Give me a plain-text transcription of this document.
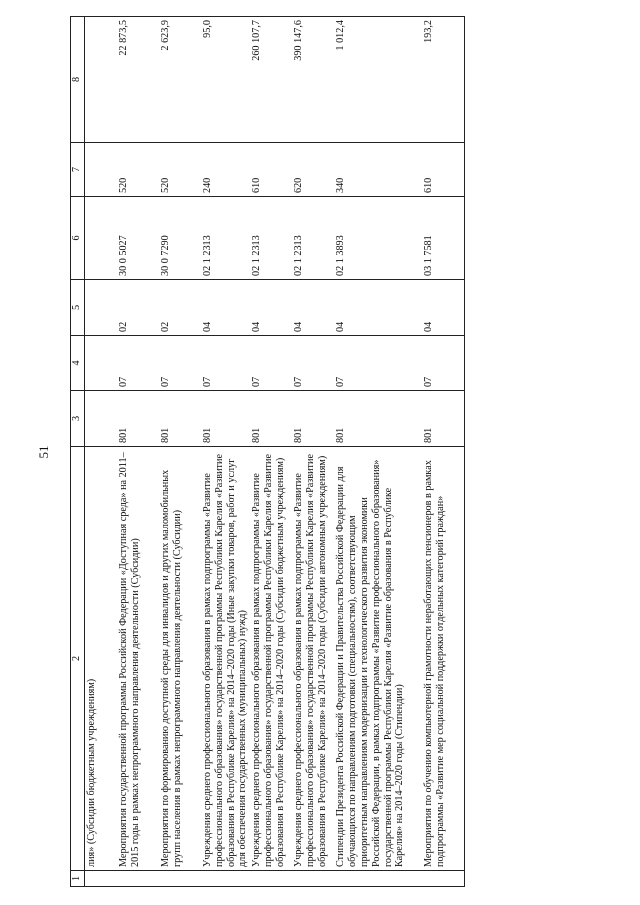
51
1	2	3	4	5	6	7	8
	лия» (Субсидии бюджетным учреждениям)						
	Мероприятия государственной программы Российской Федерации «Доступная среда» на 2011–2015 годы в рамках непрограммного направления деятельности (Субсидии)	801	07	02	30 0 5027	520	22 873,5
	Мероприятия по формированию доступной среды для инвалидов и других маломобильных групп населения в рамках непрограммного направления деятельности (Субсидии)	801	07	02	30 0 7290	520	2 623,9
	Учреждения среднего профессионального образования в рамках подпрограммы «Развитие профессионального образования» государственной программы Республики Карелия «Развитие образования в Республике Карелия» на 2014–2020 годы (Иные закупки товаров, работ и услуг для обеспечения государственных (муниципальных) нужд)	801	07	04	02 1 2313	240	95,0
	Учреждения среднего профессионального образования в рамках подпрограммы «Развитие профессионального образования» государственной программы Республики Карелия «Развитие образования в Республике Карелия» на 2014–2020 годы (Субсидии бюджетным учреждениям)	801	07	04	02 1 2313	610	260 107,7
	Учреждения среднего профессионального образования в рамках подпрограммы «Развитие профессионального образования» государственной программы Республики Карелия «Развитие образования в Республике Карелия» на 2014–2020 годы (Субсидии автономным учреждениям)	801	07	04	02 1 2313	620	390 147,6
	Стипендии Президента Российской Федерации и Правительства Российской Федерации для обучающихся по направлениям подготовки (специальностям), соответствующим приоритетным направлениям модернизации и технологического развития экономики Российской Федерации, в рамках подпрограммы «Развитие профессионального образования» государственной программы Республики Карелия «Развитие образования в Республике Карелия» на 2014–2020 годы (Стипендии)	801	07	04	02 1 3893	340	1 012,4
	Мероприятия по обучению компьютерной грамотности неработающих пенсионеров в рамках подпрограммы «Развитие мер социальной поддержки отдельных категорий граждан»	801	07	04	03 1 7581	610	193,2
